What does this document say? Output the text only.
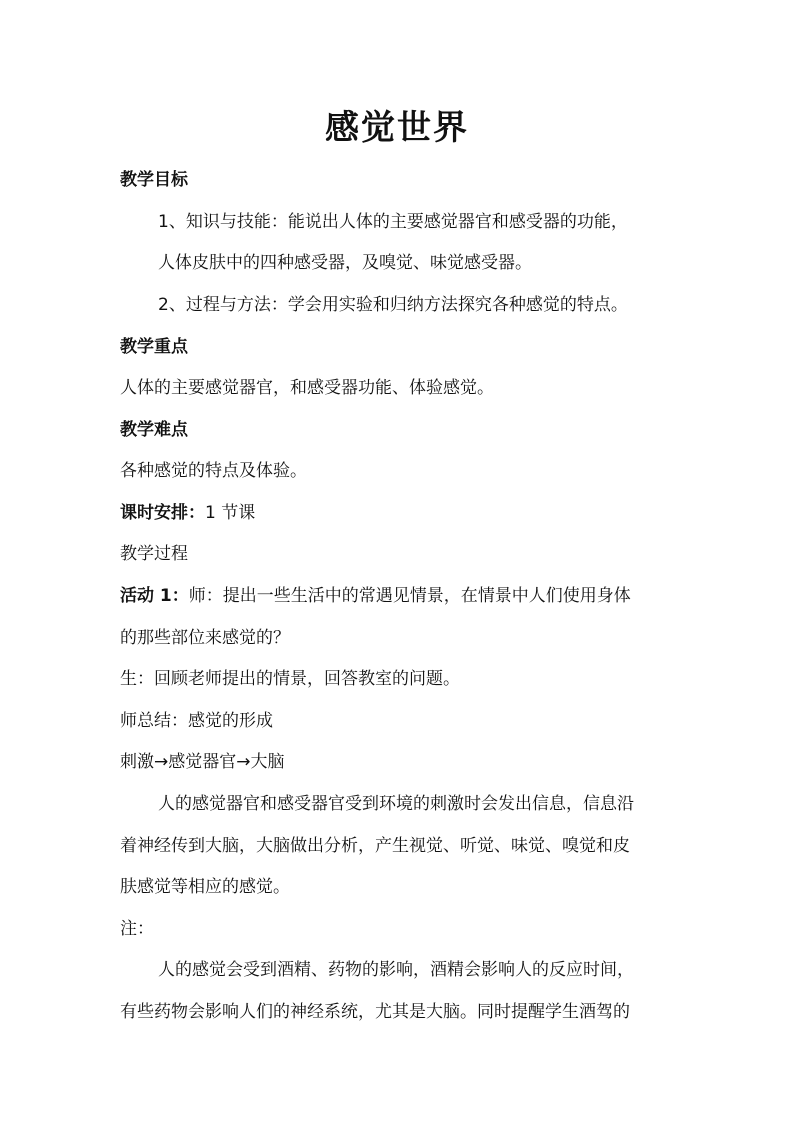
感觉世界

教学目标

1、知识与技能：能说出人体的主要感觉器官和感受器的功能，

人体皮肤中的四种感受器，及嗅觉、味觉感受器。

2、过程与方法：学会用实验和归纳方法探究各种感觉的特点。

教学重点

人体的主要感觉器官，和感受器功能、体验感觉。

教学难点

各种感觉的特点及体验。

课时安排：1 节课

教学过程

活动 1：师：提出一些生活中的常遇见情景，在情景中人们使用身体

的那些部位来感觉的？

生：回顾老师提出的情景，回答教室的问题。

师总结：感觉的形成

刺激→感觉器官→大脑

人的感觉器官和感受器官受到环境的刺激时会发出信息，信息沿

着神经传到大脑，大脑做出分析，产生视觉、听觉、味觉、嗅觉和皮

肤感觉等相应的感觉。

注：

人的感觉会受到酒精、药物的影响，酒精会影响人的反应时间，

有些药物会影响人们的神经系统，尤其是大脑。同时提醒学生酒驾的
